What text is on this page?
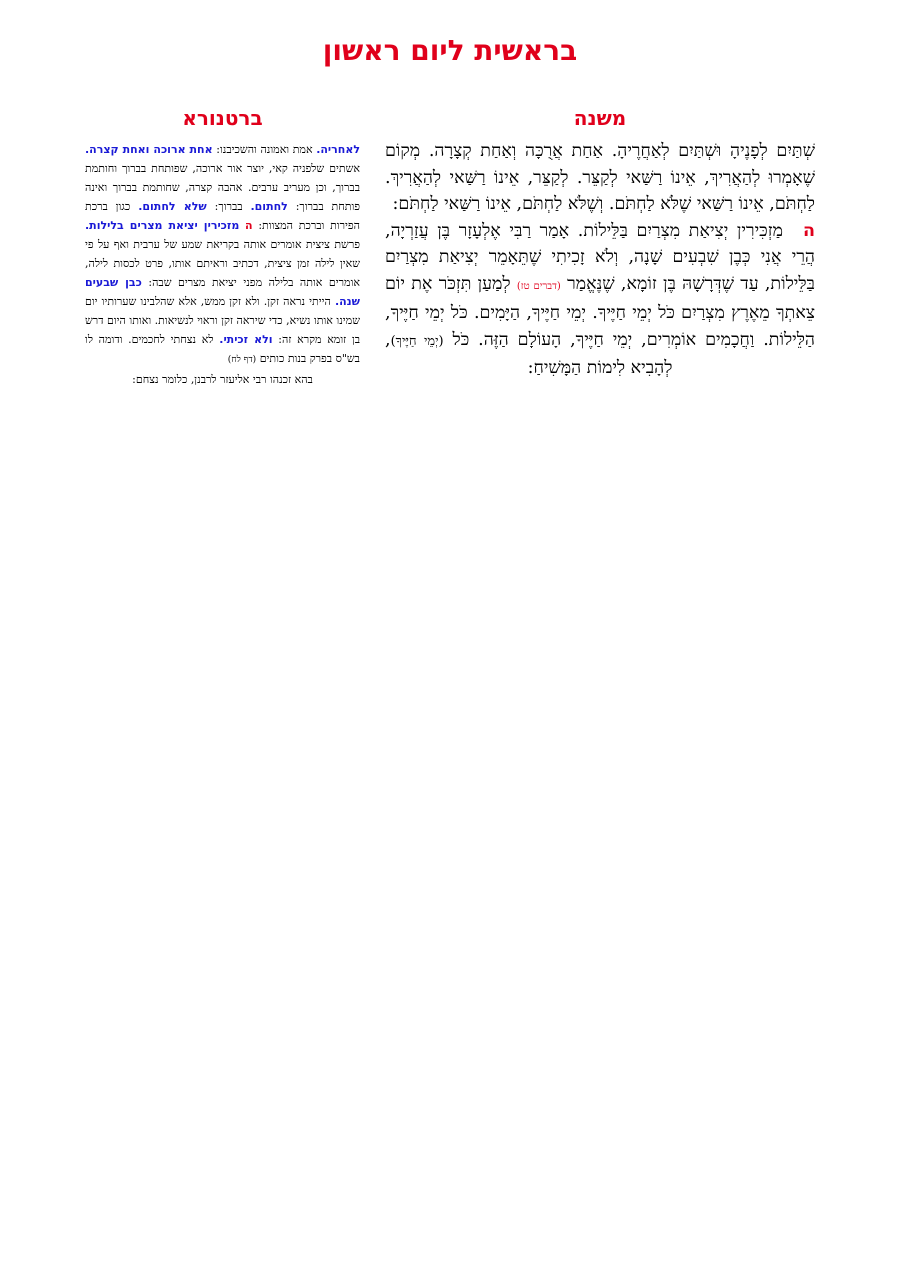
בראשית ליום ראשון
משנה
ברטנורא

שְׁתַּיִם לְפָנֶיהָ וּשְׁתַּיִם לְאַחֲרֶיהָ. אַחַת אֲרֻכָּה וְאַחַת קְצָרָה. מְקוֹם שֶׁאָמְרוּ לְהַאֲרִיךְ, אֵינוֹ רַשַּׁאי לְקַצֵּר. לְקַצֵּר, אֵינוֹ רַשַּׁאי לְהַאֲרִיךְ. לַחְתֹּם, אֵינוֹ רַשַּׁאי שֶׁלֹּא לַחְתֹּם. וְשֶׁלֹּא לַחְתֹּם, אֵינוֹ רַשַּׁאי לַחְתֹּם:

המַזְכִּירִין יְצִיאַת מִצְרַיִם בַּלֵּילוֹת. אָמַר רַבִּי אֶלְעָזָר בֶּן עֲזַרְיָה, הֲרֵי אֲנִי כְּבֶן שִׁבְעִים שָׁנָה, וְלֹא זָכִיתִי שֶׁתֵּאָמֵר יְצִיאַת מִצְרַיִם בַּלֵּילוֹת, עַד שֶׁדְּרָשָׁהּ בֶּן זוֹמָא, שֶׁנֶּאֱמַר (דברים טז) לְמַעַן תִּזְכֹּר אֶת יוֹם צֵאתְךָ מֵאֶרֶץ מִצְרַיִם כֹּל יְמֵי חַיֶּיךָ. יְמֵי חַיֶּיךָ, הַיָּמִים. כֹּל יְמֵי חַיֶּיךָ, הַלֵּילוֹת. וַחֲכָמִים אוֹמְרִים, יְמֵי חַיֶּיךָ, הָעוֹלָם הַזֶּה. כֹּל (יְמֵי חַיֶּיךָ), לְהָבִיא לִימוֹת הַמָּשִׁיחַ:

לאחריה. אמת ואמונה והשכיבנו: אחת ארוכה ואחת קצרה. אשתים שלפניה קאי, יוצר אור ארוכה, שפותחת בברוך וחותמת בברוך, וכן מעריב ערבים. אהבה קצרה, שחותמת בברוך ואינה פותחת בברוך: לחתום. בברוך: שלא לחתום. כגון ברכת הפירות וברכת המצוות: ה מזכירין יציאת מצרים בלילות. פרשת ציצית אומרים אותה בקריאת שמע של ערבית ואף על פי שאין לילה זמן ציצית, דכתיב וראיתם אותו, פרט לכסות לילה, אומרים אותה בלילה מפני יציאת מצרים שבה: כבן שבעים שנה. הייתי נראה זקן. ולא זקן ממש, אלא שהלבינו שערותיו יום שמינו אותו נשיא, כדי שיראה זקן וראוי לנשיאות. ואותו היום דרש בן זומא מקרא זה: ולא זכיתי. לא נצחתי לחכמים. ודומה לו בש"ס בפרק בנות כותים (דף לח)
בהא זכנהו רבי אליעזר לרבנן, כלומר נצחם:
